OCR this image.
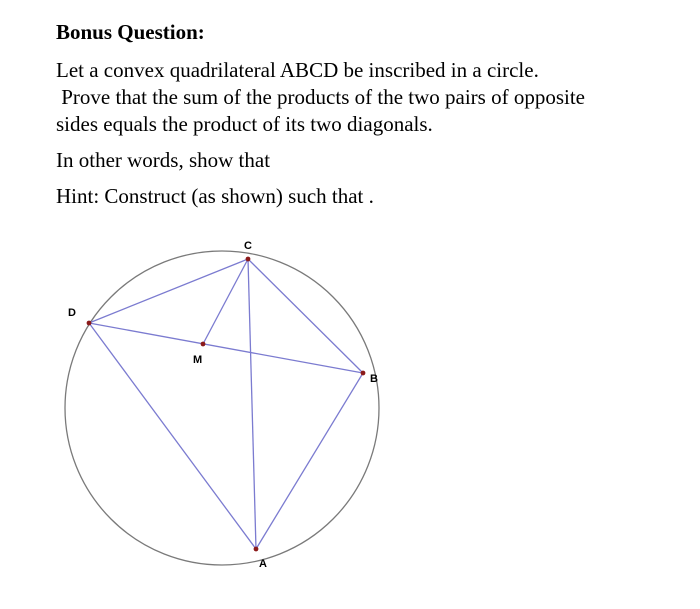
Bonus Question:
Let a convex quadrilateral ABCD be inscribed in a circle.
Prove that the sum of the products of the two pairs of opposite
sides equals the product of its two diagonals.
In other words, show that
Hint: Construct (as shown) such that .
C
D
M
B
A
